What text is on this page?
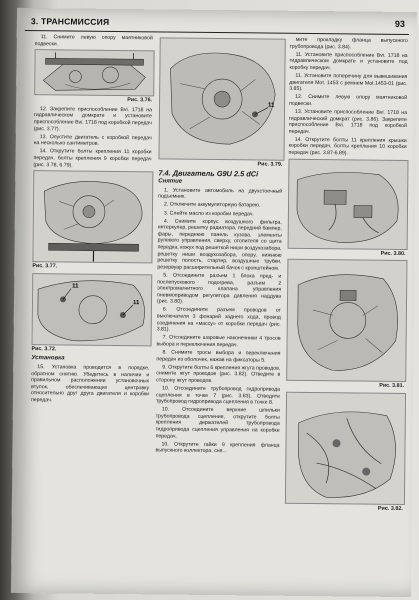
3. ТРАНСМИССИЯ	93

11. Снимите левую опору маятниковой подвески.

Рис. 3.76.

12. Закрепите приспособление Bvi. 1718 на гидравлическом домкрате и установите приспособление Bvi. 1718 под коробкой передач (рис. 3.77).

13. Опустите двигатель с коробкой передач на несколько сантиметров.

14. Открутите болты крепления 11 коробки передач, болты крепления 9 коробки передач (рис. 3.78, 6.79).

Рис. 3.77.
11
11
Рис. 3.72.
Установка

15. Установка проводится в порядке, обратном снятию. Убедитесь в наличии и правильном расположении установочных втулок, обеспечивающих центровку относительно друг друга двигателя и коробки передач.

11
Рис. 3.79.
7.4. Двигатель G9U 2.5 dCi
Снятие

1. Установите автомобиль на двухстоечный подъемник.

2. Отключите аккумуляторную батарею.

3. Слейте масло из коробки передач.

4. Снимите корпус воздушного фильтра, интеркулер, решетку радиатора, передний бампер, фары, переднюю панель кузова, элементы рулевого управления, сверху, отопителя со щита передка, кожух под решеткой ниши воздухозабора, решетку ниши воздухозабора, опору, нижнюю решетку полость, стартер, воздушные трубки, резервуар расширительный бачок с кронштейном.

5. Отсоедините разъем 1 блока пред- и послепускового подогрева, разъем 2 электромагнитного клапана управления пневмоприводом регулятора давления наддува (рис. 3.80).

6. Отсоедините разъем проводов от выключателя 3 фонарей заднего хода, провод соединения на «массу» от коробки передач (рис. 3.81).

7. Отсоедините шаровые наконечники 4 тросов выбора и переключения передач.

8. Снимите тросы выбора и переключения передач из оболочек, нажав на фиксаторы 5.

9. Открутите болты 6 крепления жгута проводов, снимите жгут проводов (рис. 3.82). Отведите в сторону жгут проводов.

10. Отсоедините трубопровод гидропривода сцепления в точке 7 (рис. 3.83). Отведите трубопровод гидропривода сцепления в точке 8.

10. Отсоедините верхние шпильки трубопровода сцепления, открутите болты крепления держателей трубопровода гидропривода сцепления управления на коробке передач.

10. Открутите гайки 9 крепления фланца выпускного коллектора, сня...

мите прокладку фланца выпускного трубопровода (рис. 3.84).

11. Установите приспособление Bvi. 1718 на гидравлическом домкрате и установите под коробку передач.

11. Установите поперечину для вывешивания двигателя Mot. 1453 с ремнем Mot.1453-01 (рис. 3.85).

12. Снимите левую опору маятниковой подвески.

13. Установите приспособление Bvi. 1718 на гидравлический домкрат (рис. 3.86). Закрепите приспособление Bvi. 1718 под коробкой передач.

14. Открутите болты 11 крепления крышки коробки передач, болты крепления 10 коробки передач (рис. 3.87-6.89).

Рис. 3.80.
Рис. 3.81.
Рис. 3.82.
